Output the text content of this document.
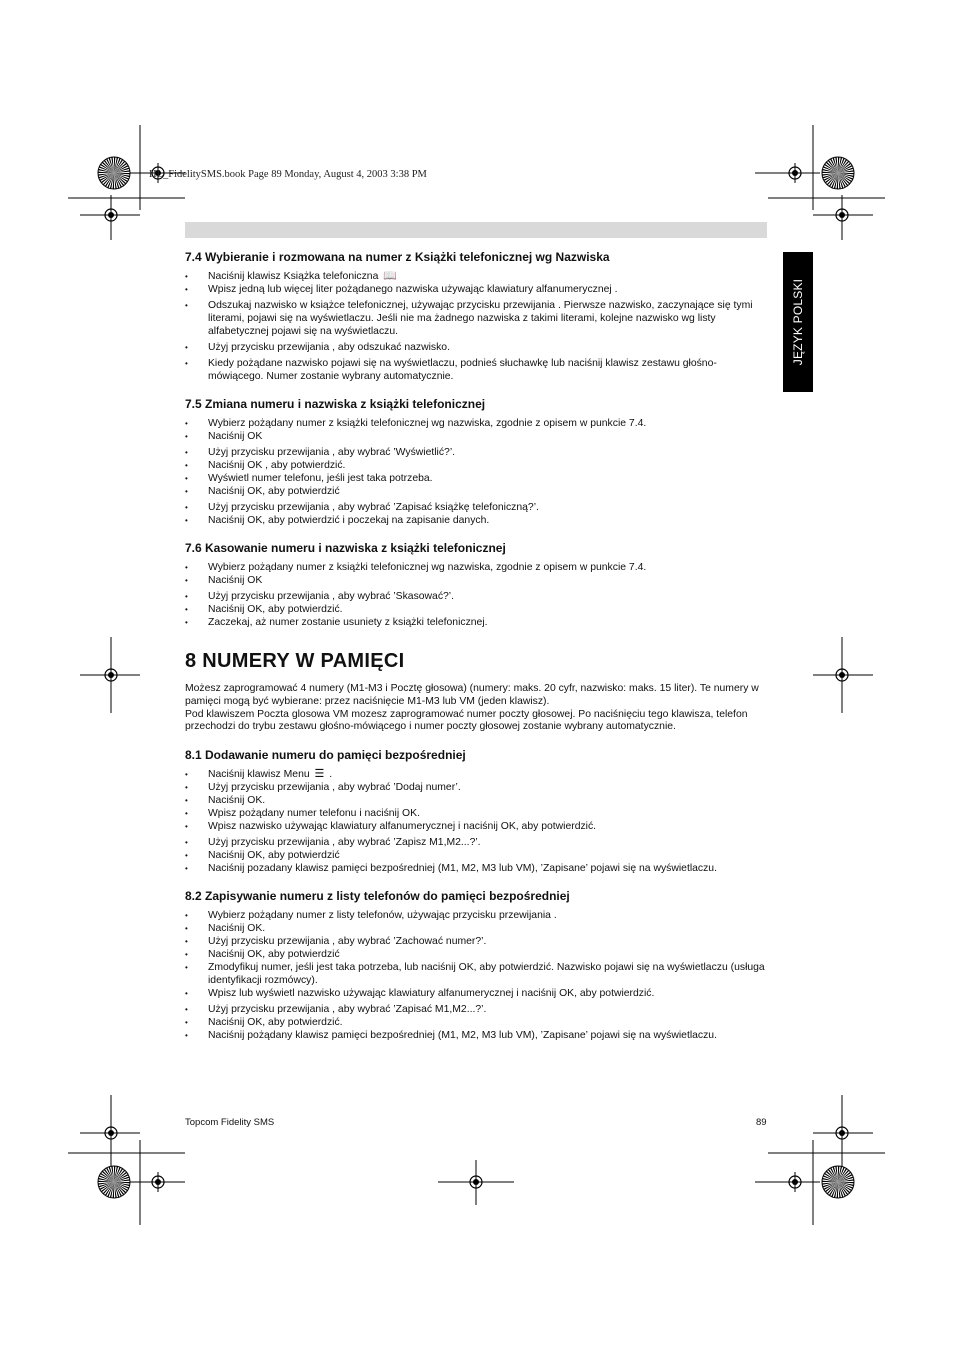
HL_FidelitySMS.book Page 89 Monday, August 4, 2003 3:38 PM
JĘZYK POLSKI
7.4 Wybieranie i rozmowana na numer z Książki telefonicznej wg Nazwiska
• Naciśnij klawisz Książka telefoniczna 📖
• Wpisz jedną lub więcej liter pożądanego nazwiska używając klawiatury alfanumerycznej .
• Odszukaj nazwisko w książce telefonicznej, używając przycisku przewijania . Pierwsze nazwisko, zaczynające się tymi literami, pojawi się na wyświetlaczu. Jeśli nie ma żadnego nazwiska z takimi literami, kolejne nazwisko wg listy alfabetycznej pojawi się na wyświetlaczu.
• Użyj przycisku przewijania , aby odszukać nazwisko.
• Kiedy pożądane nazwisko pojawi się na wyświetlaczu, podnieś słuchawkę lub naciśnij klawisz zestawu głośno-mówiącego. Numer zostanie wybrany automatycznie.
7.5 Zmiana numeru i nazwiska z książki telefonicznej
• Wybierz pożądany numer z książki telefonicznej wg nazwiska, zgodnie z opisem w punkcie 7.4.
• Naciśnij OK
• Użyj przycisku przewijania , aby wybrać ’Wyświetlić?’.
• Naciśnij OK , aby potwierdzić.
• Wyświetl numer telefonu, jeśli jest taka potrzeba.
• Naciśnij OK, aby potwierdzić
• Użyj przycisku przewijania , aby wybrać ’Zapisać książkę telefoniczną?’.
• Naciśnij OK, aby potwierdzić i poczekaj na zapisanie danych.
7.6 Kasowanie numeru i nazwiska z książki telefonicznej
• Wybierz pożądany numer z książki telefonicznej wg nazwiska, zgodnie z opisem w punkcie 7.4.
• Naciśnij OK
• Użyj przycisku przewijania , aby wybrać ’Skasować?’.
• Naciśnij OK, aby potwierdzić.
• Zaczekaj, aż numer zostanie usuniety z książki telefonicznej.
8 NUMERY W PAMIĘCI

Możesz zaprogramować 4 numery (M1-M3 i Pocztę głosowa) (numery: maks. 20 cyfr, nazwisko: maks. 15 liter). Te numery w pamięci mogą być wybierane: przez naciśnięcie M1-M3 lub VM (jeden klawisz).

Pod klawiszem Poczta glosowa VM mozesz zaprogramować numer poczty głosowej. Po naciśnięciu tego klawisza, telefon przechodzi do trybu zestawu głośno-mówiącego i numer poczty głosowej zostanie wybrany automatycznie.

8.1 Dodawanie numeru do pamięci bezpośredniej
• Naciśnij klawisz Menu ☰ .
• Użyj przycisku przewijania , aby wybrać ’Dodaj numer’.
• Naciśnij OK.
• Wpisz pożądany numer telefonu i naciśnij OK.
• Wpisz nazwisko używając klawiatury alfanumerycznej i naciśnij OK, aby potwierdzić.
• Użyj przycisku przewijania , aby wybrać ’Zapisz M1,M2...?’.
• Naciśnij OK, aby potwierdzić
• Naciśnij pozadany klawisz pamięci bezpośredniej (M1, M2, M3 lub VM), ’Zapisane’ pojawi się na wyświetlaczu.
8.2 Zapisywanie numeru z listy telefonów do pamięci bezpośredniej
• Wybierz pożądany numer z listy telefonów, używając przycisku przewijania .
• Naciśnij OK.
• Użyj przycisku przewijania , aby wybrać ’Zachować numer?’.
• Naciśnij OK, aby potwierdzić
• Zmodyfikuj numer, jeśli jest taka potrzeba, lub naciśnij OK, aby potwierdzić. Nazwisko pojawi się na wyświetlaczu (usługa identyfikacji rozmówcy).
• Wpisz lub wyświetl nazwisko używając klawiatury alfanumerycznej i naciśnij OK, aby potwierdzić.
• Użyj przycisku przewijania , aby wybrać ’Zapisać M1,M2...?’.
• Naciśnij OK, aby potwierdzić.
• Naciśnij pożądany klawisz pamięci bezpośredniej (M1, M2, M3 lub VM), ’Zapisane’ pojawi się na wyświetlaczu.
Topcom Fidelity SMS	89
